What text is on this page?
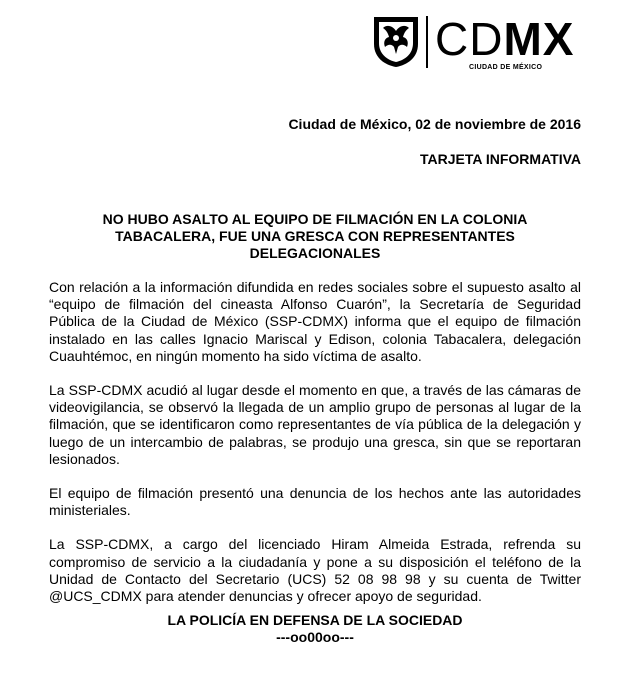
CDMX
CIUDAD DE MÉXICO
Ciudad de México, 02 de noviembre de 2016
TARJETA INFORMATIVA
NO HUBO ASALTO AL EQUIPO DE FILMACIÓN EN LA COLONIA TABACALERA, FUE UNA GRESCA CON REPRESENTANTES DELEGACIONALES

Con relación a la información difundida en redes sociales sobre el supuesto asalto al “equipo de filmación del cineasta Alfonso Cuarón”, la Secretaría de Seguridad Pública de la Ciudad de México (SSP-CDMX) informa que el equipo de filmación instalado en las calles Ignacio Mariscal y Edison, colonia Tabacalera, delegación Cuauhtémoc, en ningún momento ha sido víctima de asalto.

La SSP-CDMX acudió al lugar desde el momento en que, a través de las cámaras de videovigilancia, se observó la llegada de un amplio grupo de personas al lugar de la filmación, que se identificaron como representantes de vía pública de la delegación y luego de un intercambio de palabras, se produjo una gresca, sin que se reportaran lesionados.

El equipo de filmación presentó una denuncia de los hechos ante las autoridades ministeriales.

La SSP-CDMX, a cargo del licenciado Hiram Almeida Estrada, refrenda su compromiso de servicio a la ciudadanía y pone a su disposición el teléfono de la Unidad de Contacto del Secretario (UCS) 52 08 98 98 y su cuenta de Twitter @UCS_CDMX para atender denuncias y ofrecer apoyo de seguridad.

LA POLICÍA EN DEFENSA DE LA SOCIEDAD
---oo00oo---
